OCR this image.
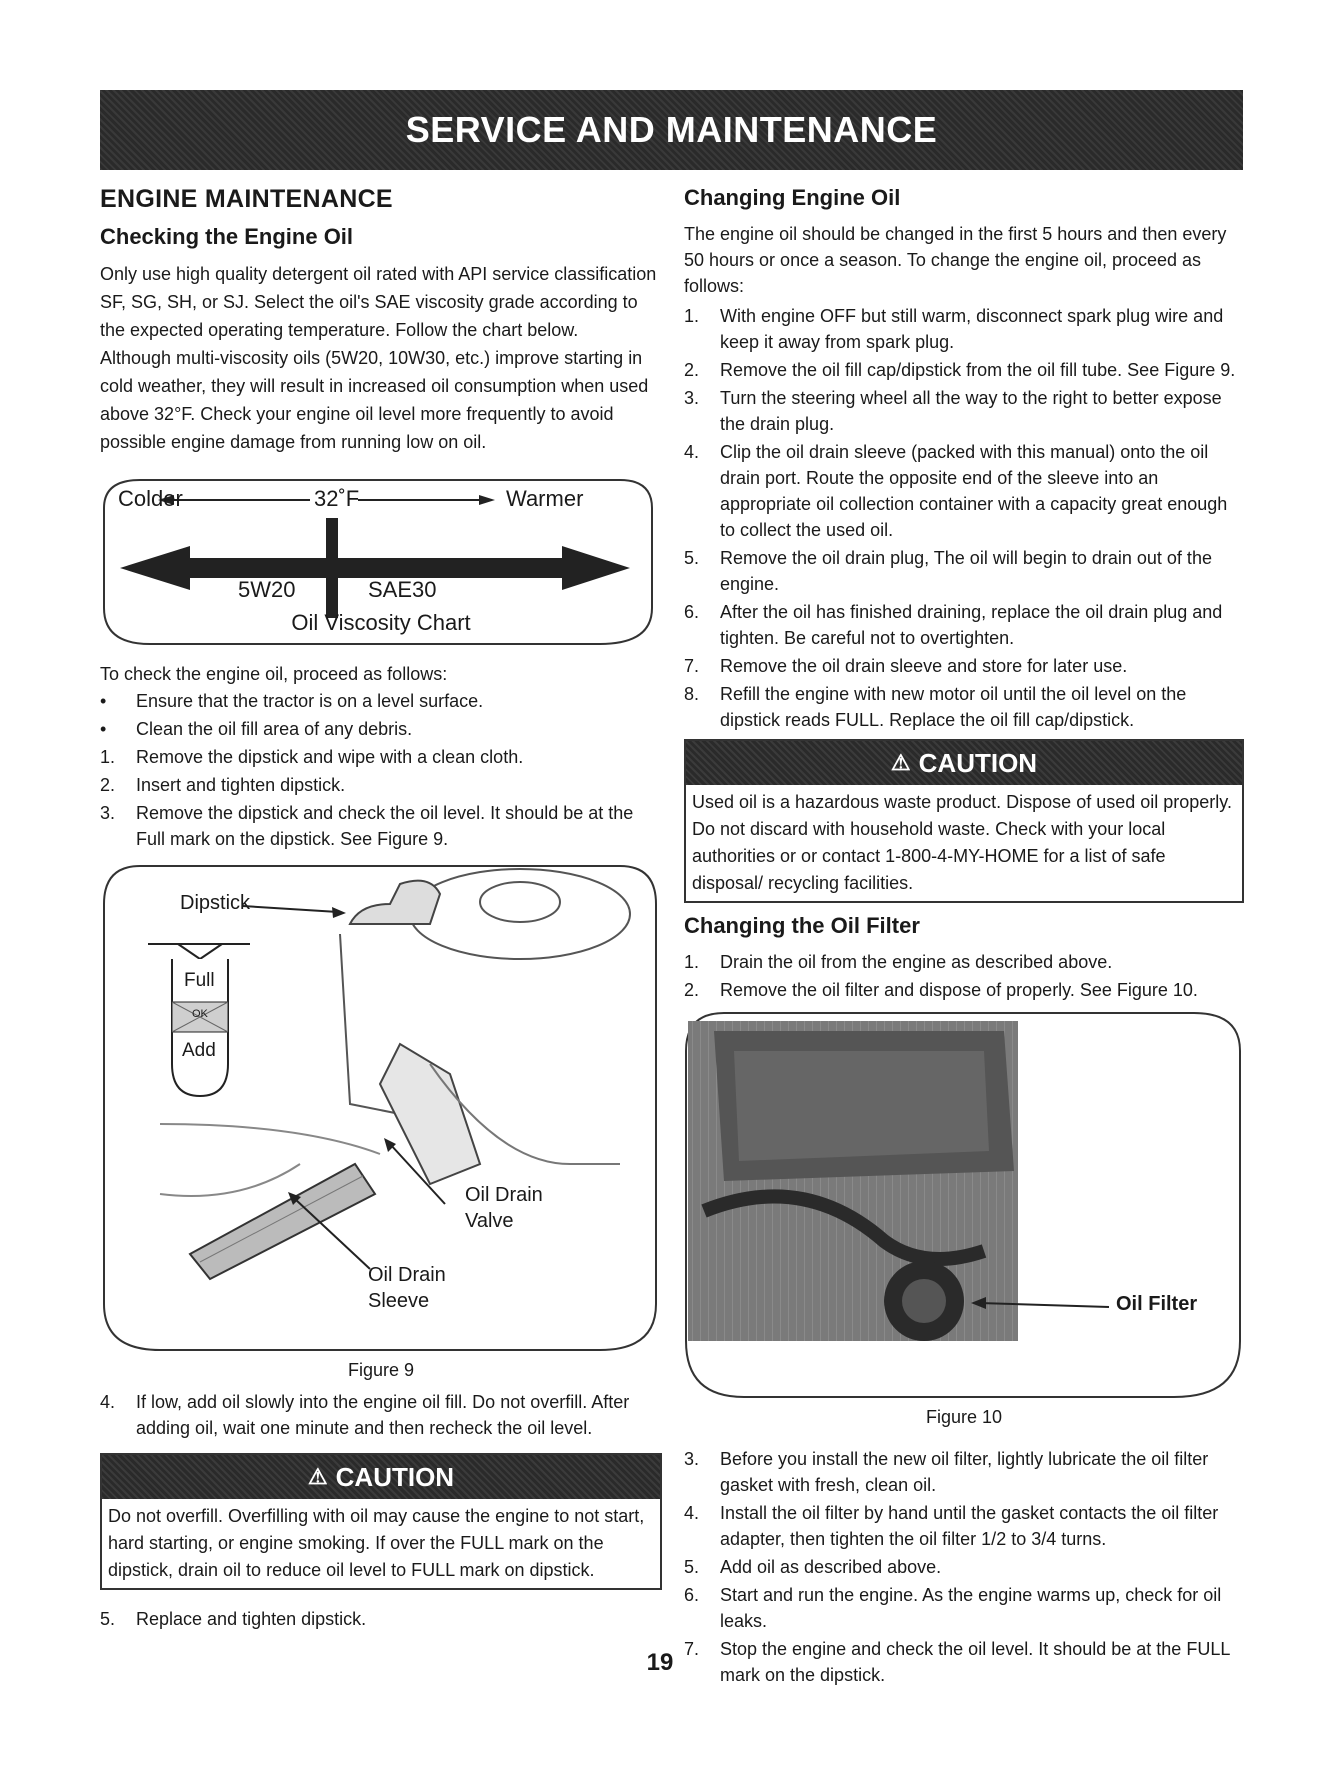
SERVICE AND MAINTENANCE
ENGINE MAINTENANCE
Checking the Engine Oil

Only use high quality detergent oil rated with API service classification SF, SG, SH, or SJ. Select the oil's SAE viscosity grade according to the expected operating temperature. Follow the chart below.

Although multi-viscosity oils (5W20, 10W30, etc.) improve starting in cold weather, they will result in increased oil consumption when used above 32°F. Check your engine oil level more frequently to avoid possible engine damage from running low on oil.

Colder	32˚F	Warmer
5W20	SAE30
Oil Viscosity Chart

To check the engine oil, proceed as follows:

• Ensure that the tractor is on a level surface.
• Clean the oil fill area of any debris.
1. Remove the dipstick and wipe with a clean cloth.
2. Insert and tighten dipstick.
3. Remove the dipstick and check the oil level. It should be at the Full mark on the dipstick. See Figure 9.
Dipstick
Full
OK
Add
Oil Drain
Valve
Oil Drain
Sleeve
Figure 9
4. If low, add oil slowly into the engine oil fill. Do not overfill. After adding oil, wait one minute and then recheck the oil level.
⚠ CAUTION
Do not overfill. Overfilling with oil may cause the engine to not start, hard starting, or engine smoking. If over the FULL mark on the dipstick, drain oil to reduce oil level to FULL mark on dipstick.
5. Replace and tighten dipstick.
Changing Engine Oil

The engine oil should be changed in the first 5 hours and then every 50 hours or once a season. To change the engine oil, proceed as follows:

1. With engine OFF but still warm, disconnect spark plug wire and keep it away from spark plug.
2. Remove the oil fill cap/dipstick from the oil fill tube. See Figure 9.
3. Turn the steering wheel all the way to the right to better expose the drain plug.
4. Clip the oil drain sleeve (packed with this manual) onto the oil drain port. Route the opposite end of the sleeve into an appropriate oil collection container with a capacity great enough to collect the used oil.
5. Remove the oil drain plug, The oil will begin to drain out of the engine.
6. After the oil has finished draining, replace the oil drain plug and tighten. Be careful not to overtighten.
7. Remove the oil drain sleeve and store for later use.
8. Refill the engine with new motor oil until the oil level on the dipstick reads FULL. Replace the oil fill cap/dipstick.
⚠ CAUTION
Used oil is a hazardous waste product. Dispose of used oil properly. Do not discard with household waste. Check with your local authorities or or contact 1-800-4-MY-HOME for a list of safe disposal/ recycling facilities.
Changing the Oil Filter
1. Drain the oil from the engine as described above.
2. Remove the oil filter and dispose of properly. See Figure 10.
Oil Filter
Figure 10
3. Before you install the new oil filter, lightly lubricate the oil filter gasket with fresh, clean oil.
4. Install the oil filter by hand until the gasket contacts the oil filter adapter, then tighten the oil filter 1/2 to 3/4 turns.
5. Add oil as described above.
6. Start and run the engine. As the engine warms up, check for oil leaks.
7. Stop the engine and check the oil level. It should be at the FULL mark on the dipstick.
19
